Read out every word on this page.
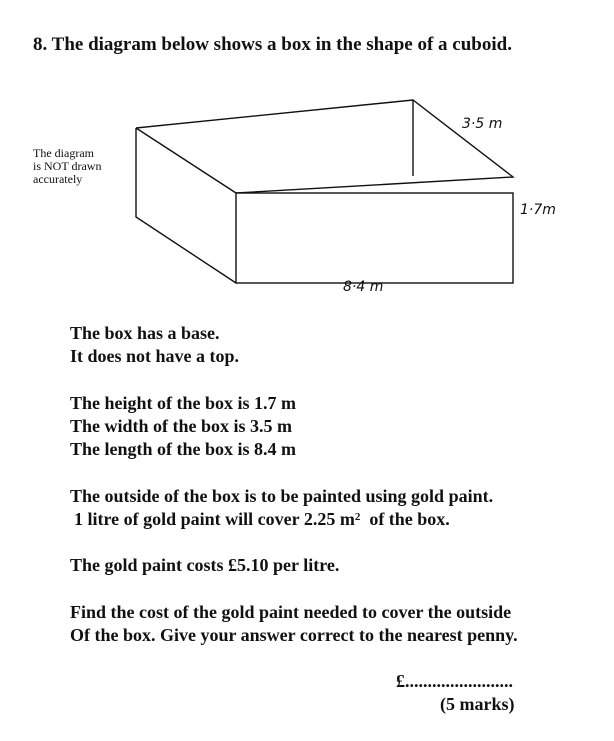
8. The diagram below shows a box in the shape of a cuboid.
The diagram
is NOT drawn
accurately
3·5 m
1·7m
8·4 m
The box has a base.
It does not have a top.
The height of the box is 1.7 m
The width of the box is 3.5 m
The length of the box is 8.4 m
The outside of the box is to be painted using gold paint.
1 litre of gold paint will cover 2.25 $m^2$ of the box.
The gold paint costs £5.10 per litre.
Find the cost of the gold paint needed to cover the outside
Of the box. Give your answer correct to the nearest penny.
£........................
(5 marks)
